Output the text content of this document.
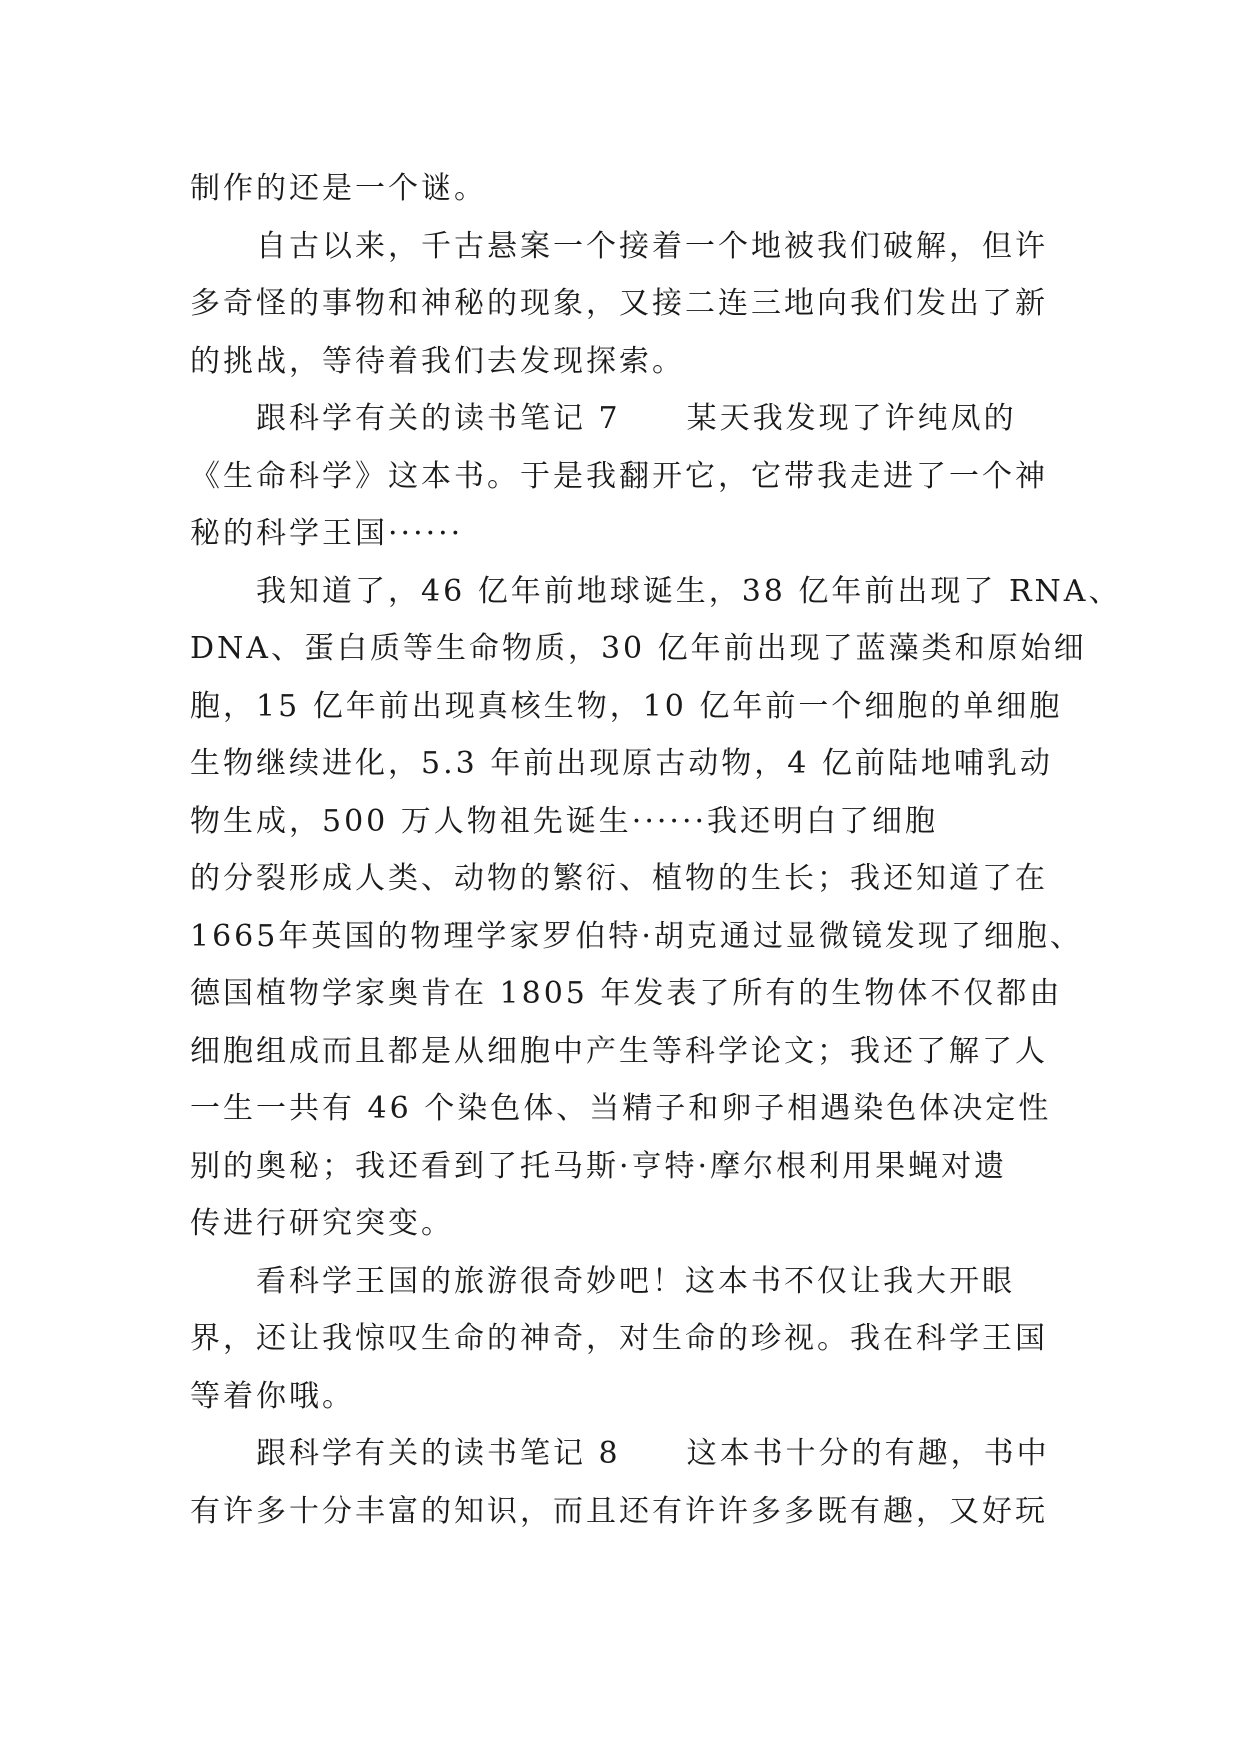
制作的还是一个谜。
自古以来，千古悬案一个接着一个地被我们破解，但许
多奇怪的事物和神秘的现象，又接二连三地向我们发出了新
的挑战，等待着我们去发现探索。
跟科学有关的读书笔记 7　　某天我发现了许纯凤的
《生命科学》这本书。于是我翻开它，它带我走进了一个神
秘的科学王国······
我知道了，46 亿年前地球诞生，38 亿年前出现了 RNA、
DNA、蛋白质等生命物质，30 亿年前出现了蓝藻类和原始细
胞，15 亿年前出现真核生物，10 亿年前一个细胞的单细胞
生物继续进化，5.3 年前出现原古动物，4 亿前陆地哺乳动
物生成，500 万人物祖先诞生······我还明白了细胞
的分裂形成人类、动物的繁衍、植物的生长；我还知道了在
1665年英国的物理学家罗伯特·胡克通过显微镜发现了细胞、
德国植物学家奥肯在 1805 年发表了所有的生物体不仅都由
细胞组成而且都是从细胞中产生等科学论文；我还了解了人
一生一共有 46 个染色体、当精子和卵子相遇染色体决定性
别的奥秘；我还看到了托马斯·亨特·摩尔根利用果蝇对遗
传进行研究突变。
看科学王国的旅游很奇妙吧！这本书不仅让我大开眼
界，还让我惊叹生命的神奇，对生命的珍视。我在科学王国
等着你哦。
跟科学有关的读书笔记 8　　这本书十分的有趣，书中
有许多十分丰富的知识，而且还有许许多多既有趣，又好玩
